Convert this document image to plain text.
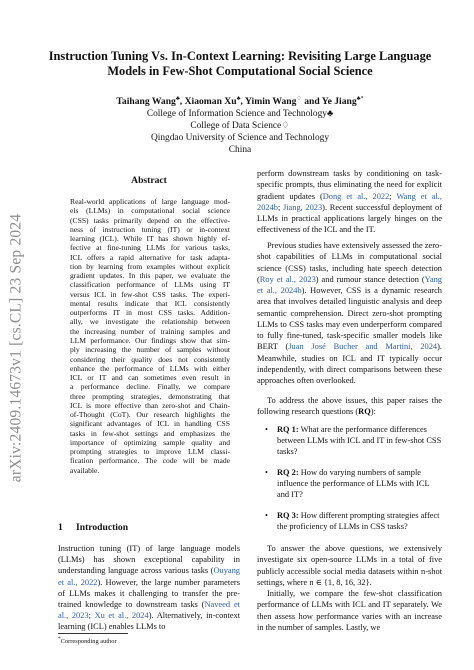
arXiv:2409.14673v1 [cs.CL] 23 Sep 2024
Instruction Tuning Vs. In-Context Learning: Revisiting Large Language
Models in Few-Shot Computational Social Science
Taihang Wang♣, Xiaoman Xu♣, Yimin Wang♢ and Ye Jiang♣*
College of Information Science and Technology♣
College of Data Science♢
Qingdao University of Science and Technology
China
Abstract
Real-world applications of large language mod-
els (LLMs) in computational social science
(CSS) tasks primarily depend on the effective-
ness of instruction tuning (IT) or in-context
learning (ICL). While IT has shown highly ef-
fective at fine-tuning LLMs for various tasks,
ICL offers a rapid alternative for task adapta-
tion by learning from examples without explicit
gradient updates. In this paper, we evaluate the
classification performance of LLMs using IT
versus ICL in few-shot CSS tasks. The experi-
mental results indicate that ICL consistently
outperforms IT in most CSS tasks. Addition-
ally, we investigate the relationship between
the increasing number of training samples and
LLM performance. Our findings show that sim-
ply increasing the number of samples without
considering their quality does not consistently
enhance the performance of LLMs with either
ICL or IT and can sometimes even result in
a performance decline. Finally, we compare
three prompting strategies, demonstrating that
ICL is more effective than zero-shot and Chain-
of-Thought (CoT). Our research highlights the
significant advantages of ICL in handling CSS
tasks in few-shot settings and emphasizes the
importance of optimizing sample quality and
prompting strategies to improve LLM classi-
fication performance. The code will be made
available.
1 Introduction
Instruction tuning (IT) of large language models (LLMs) has shown exceptional capability in understanding language across various tasks (Ouyang et al., 2022). However, the large number parameters of LLMs makes it challenging to transfer the pre-trained knowledge to downstream tasks (Naveed et al., 2023; Xu et al., 2024). Alternatively, in-context learning (ICL) enables LLMs to
*Corresponding author

perform downstream tasks by conditioning on task-specific prompts, thus eliminating the need for explicit gradient updates (Dong et al., 2022; Wang et al., 2024b; Jiang, 2023). Recent successful deployment of LLMs in practical applications largely hinges on the effectiveness of the ICL and the IT.

Previous studies have extensively assessed the zero-shot capabilities of LLMs in computational social science (CSS) tasks, including hate speech detection (Roy et al., 2023) and rumour stance detection (Yang et al., 2024b). However, CSS is a dynamic research area that involves detailed linguistic analysis and deep semantic comprehension. Direct zero-shot prompting LLMs to CSS tasks may even underperform compared to fully fine-tuned, task-specific smaller models like BERT (Juan José Bucher and Martini, 2024). Meanwhile, studies on ICL and IT typically occur independently, with direct comparisons between these approaches often overlooked.

To address the above issues, this paper raises the following research questions (RQ):

• RQ 1: What are the performance differences between LLMs with ICL and IT in few-shot CSS tasks?
• RQ 2: How do varying numbers of sample influence the performance of LLMs with ICL and IT?
• RQ 3: How different prompting strategies affect the proficiency of LLMs in CSS tasks?

To answer the above questions, we extensively investigate six open-source LLMs in a total of five publicly accessible social media datasets within n-shot settings, where n ∈ {1, 8, 16, 32}.

Initially, we compare the few-shot classification performance of LLMs with ICL and IT separately. We then assess how performance varies with an increase in the number of samples. Lastly, we
